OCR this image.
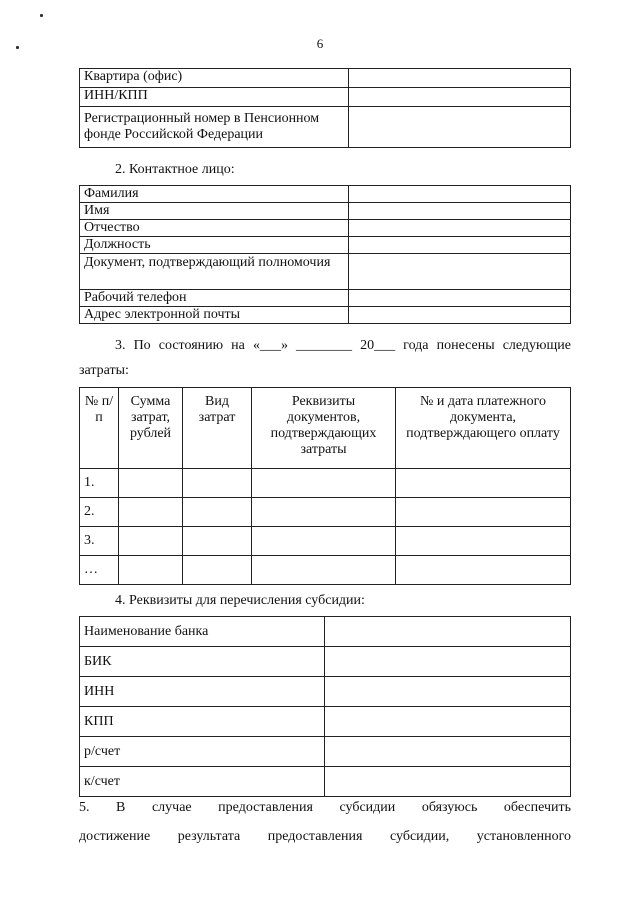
6
Квартира (офис)	
ИНН/КПП	
Регистрационный номер в Пенсионном фонде Российской Федерации	
2. Контактное лицо:
Фамилия	
Имя	
Отчество	
Должность	
Документ, подтверждающий полномочия	
Рабочий телефон	
Адрес электронной почты	
3. По состоянию на «___» ________ 20___ года понесены следующие
затраты:
№ п/п	Сумма затрат, рублей	Вид затрат	Реквизиты документов, подтверждающих затраты	№ и дата платежного документа, подтверждающего оплату
1.				
2.				
3.				
…				
4. Реквизиты для перечисления субсидии:
Наименование банка	
БИК	
ИНН	
КПП	
р/счет	
к/счет	
5. В случае предоставления субсидии обязуюсь обеспечить
достижение результата предоставления субсидии, установленного
